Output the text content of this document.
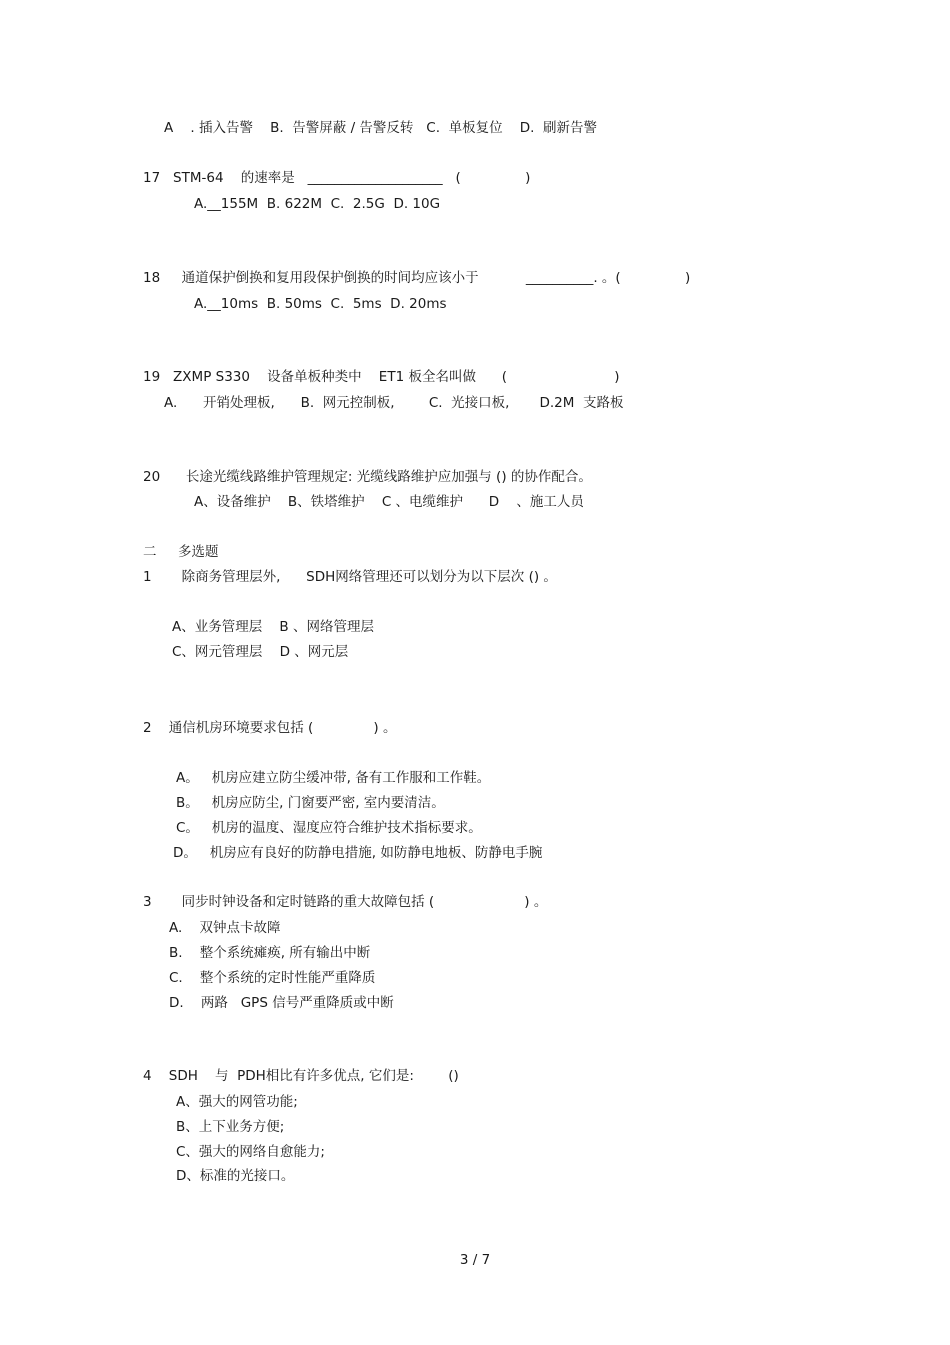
A    . 插入告警    B.  告警屏蔽 / 告警反转   C.  单板复位    D.  刷新告警
17   STM-64    的速率是   ____________________   (               )
A.__155M  B. 622M  C.  2.5G  D. 10G
18     通道保护倒换和复用段保护倒换的时间均应该小于           __________. 。(               )
A.__10ms  B. 50ms  C.  5ms  D. 20ms
19   ZXMP S330    设备单板种类中    ET1 板全名叫做      (                         )
A.      开销处理板,      B.  网元控制板,        C.  光接口板,       D.2M  支路板
20      长途光缆线路维护管理规定: 光缆线路维护应加强与 () 的协作配合。
A、设备维护    B、铁塔维护    C 、电缆维护      D    、施工人员
二     多选题
1       除商务管理层外,      SDH网络管理还可以划分为以下层次 () 。
A、业务管理层    B 、网络管理层
C、网元管理层    D 、网元层
2    通信机房环境要求包括 (              ) 。
A。   机房应建立防尘缓冲带, 备有工作服和工作鞋。
B。   机房应防尘, 门窗要严密, 室内要清洁。
C。   机房的温度、湿度应符合维护技术指标要求。
D。   机房应有良好的防静电措施, 如防静电地板、防静电手腕
3       同步时钟设备和定时链路的重大故障包括 (                     ) 。
A.    双钟点卡故障
B.    整个系统瘫痪, 所有输出中断
C.    整个系统的定时性能严重降质
D.    两路   GPS 信号严重降质或中断
4    SDH    与  PDH相比有许多优点, 它们是:        ()
A、强大的网管功能;
B、上下业务方便;
C、强大的网络自愈能力;
D、标准的光接口。
3 / 7
